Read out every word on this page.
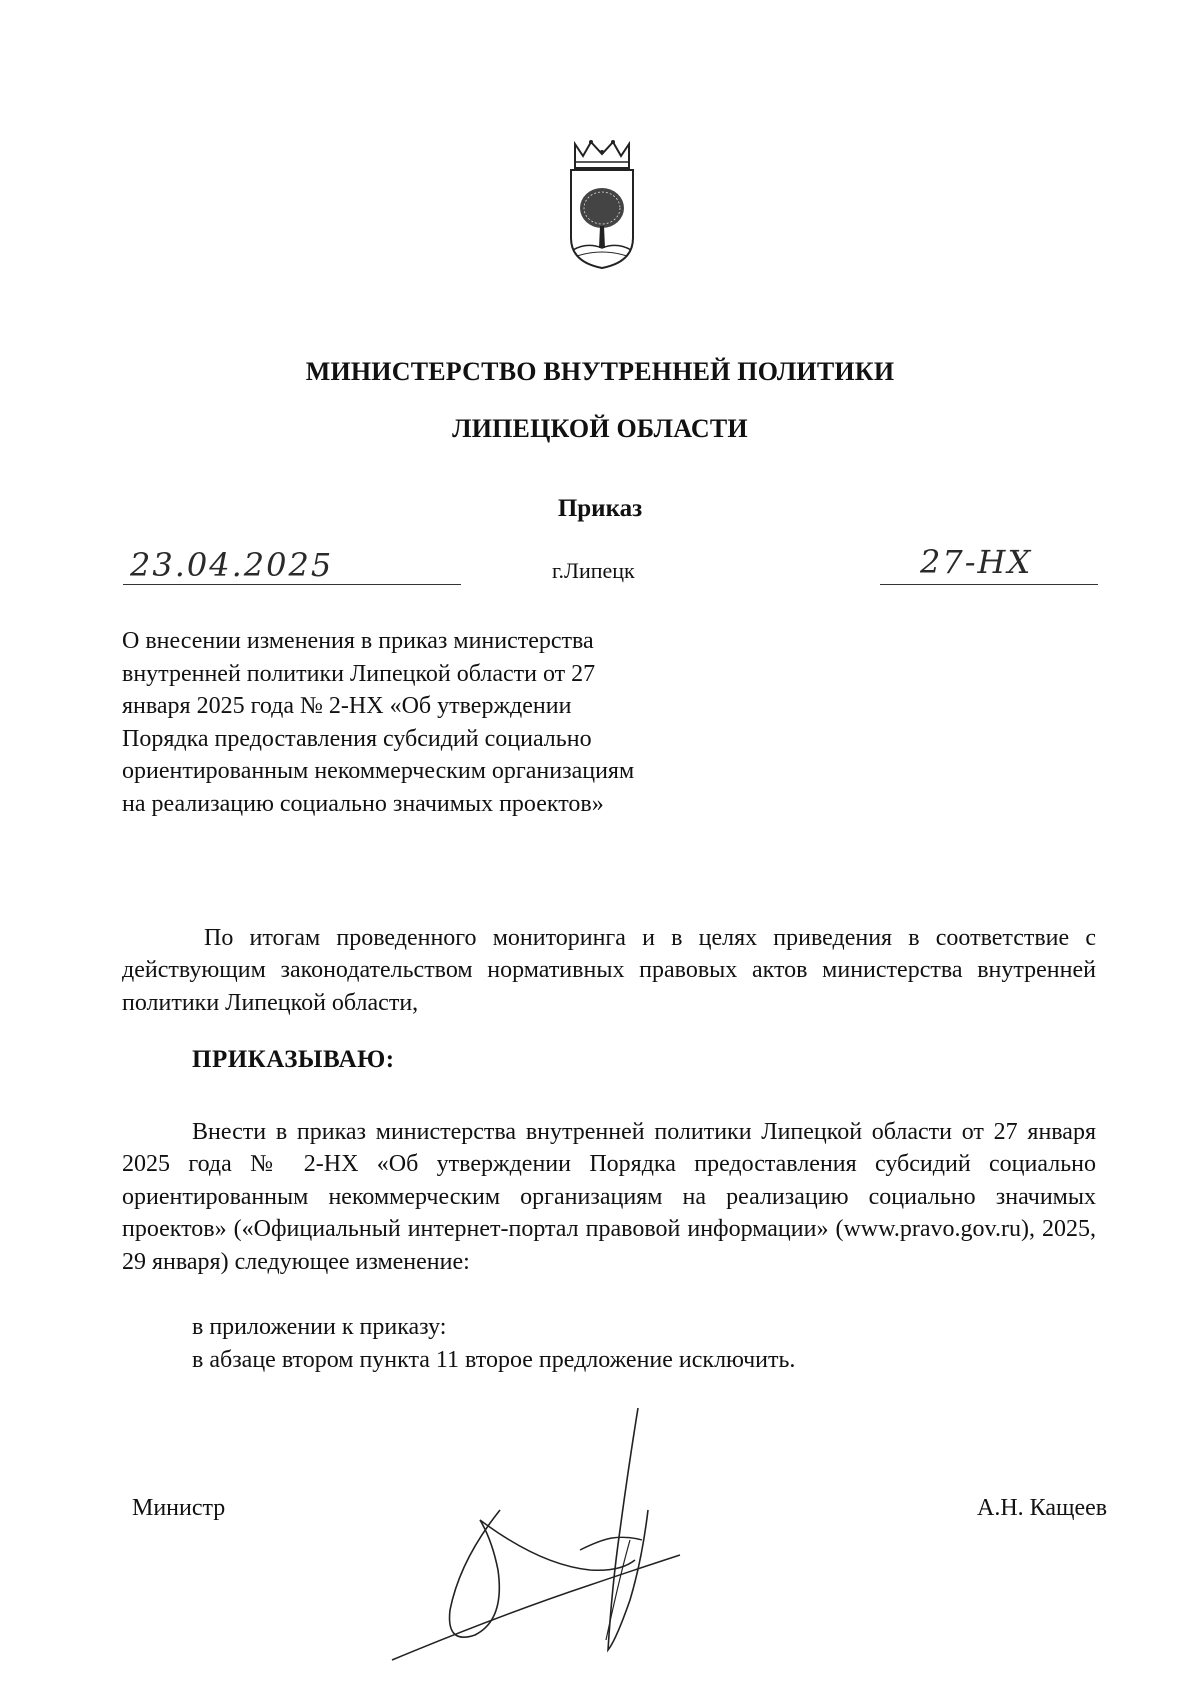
МИНИСТЕРСТВО ВНУТРЕННЕЙ ПОЛИТИКИ
ЛИПЕЦКОЙ ОБЛАСТИ
Приказ
23.04.2025	г.Липецк	27-НХ
О внесении изменения в приказ министерства внутренней политики Липецкой области от 27 января 2025 года № 2-НХ «Об утверждении Порядка предоставления субсидий социально ориентированным некоммерческим организациям на реализацию социально значимых проектов»
По итогам проведенного мониторинга и в целях приведения в соответствие с действующим законодательством нормативных правовых актов министерства внутренней политики Липецкой области,
ПРИКАЗЫВАЮ:
Внести в приказ министерства внутренней политики Липецкой области от 27 января 2025 года № 2-НХ «Об утверждении Порядка предоставления субсидий социально ориентированным некоммерческим организациям на реализацию социально значимых проектов» («Официальный интернет-портал правовой информации» (www.pravo.gov.ru), 2025, 29 января) следующее изменение:
в приложении к приказу:
в абзаце втором пункта 11 второе предложение исключить.
Министр	А.Н. Кащеев
